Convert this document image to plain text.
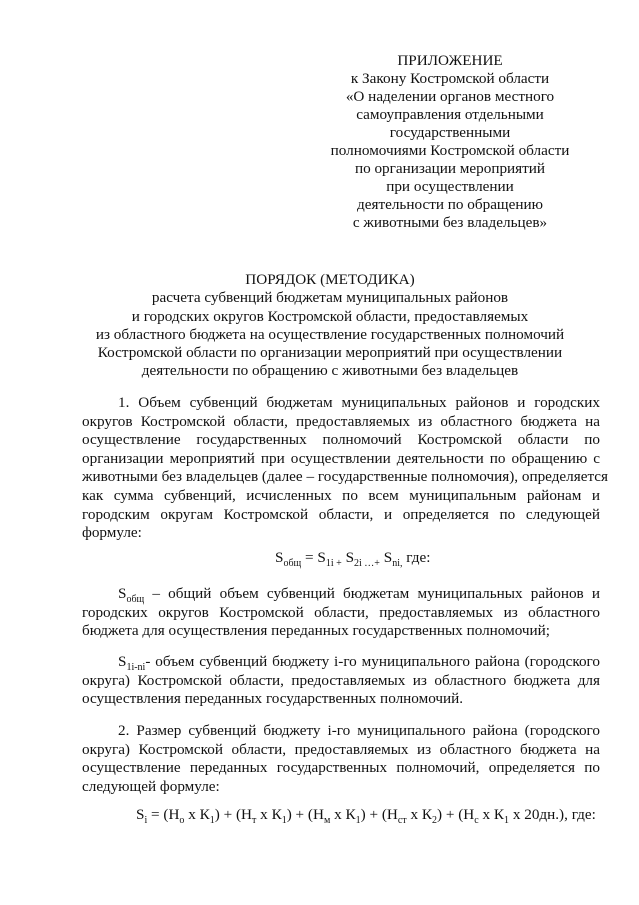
ПРИЛОЖЕНИЕ
к Закону Костромской области
«О наделении органов местного
самоуправления отдельными
государственными
полномочиями Костромской области
по организации мероприятий
при осуществлении
деятельности по обращению
с животными без владельцев»
ПОРЯДОК (МЕТОДИКА)
расчета субвенций бюджетам муниципальных районов
и городских округов Костромской области, предоставляемых
из областного бюджета на осуществление государственных полномочий
Костромской области по организации мероприятий при осуществлении
деятельности по обращению с животными без владельцев
1. Объем субвенций бюджетам муниципальных районов и городских
округов Костромской области, предоставляемых из областного бюджета на
осуществление государственных полномочий Костромской области по
организации мероприятий при осуществлении деятельности по обращению с
животными без владельцев (далее – государственные полномочия), определяется
как сумма субвенций, исчисленных по всем муниципальным районам и
городским округам Костромской области, и определяется по следующей
формуле:
$S_{общ} = S_{1i +}$ $S_{2i \dots+}$ $S_{ni,}$ где:
$S_{общ}$ – общий объем субвенций бюджетам муниципальных районов и
городских округов Костромской области, предоставляемых из областного
бюджета для осуществления переданных государственных полномочий;
$S_{1i-ni}-$ объем субвенций бюджету i-го муниципального района (городского
округа) Костромской области, предоставляемых из областного бюджета для
осуществления переданных государственных полномочий.
2. Размер субвенций бюджету i-го муниципального района (городского
округа) Костромской области, предоставляемых из областного бюджета на
осуществление переданных государственных полномочий, определяется по
следующей формуле:
$S_i = (Н_о$ х $К_1) + (Н_т$ х $К_1) + (Н_м$ х $К_1) + (Н_{ст}$ х $К_2) + (Н_с$ х $К_1$ х 20дн.), где:
